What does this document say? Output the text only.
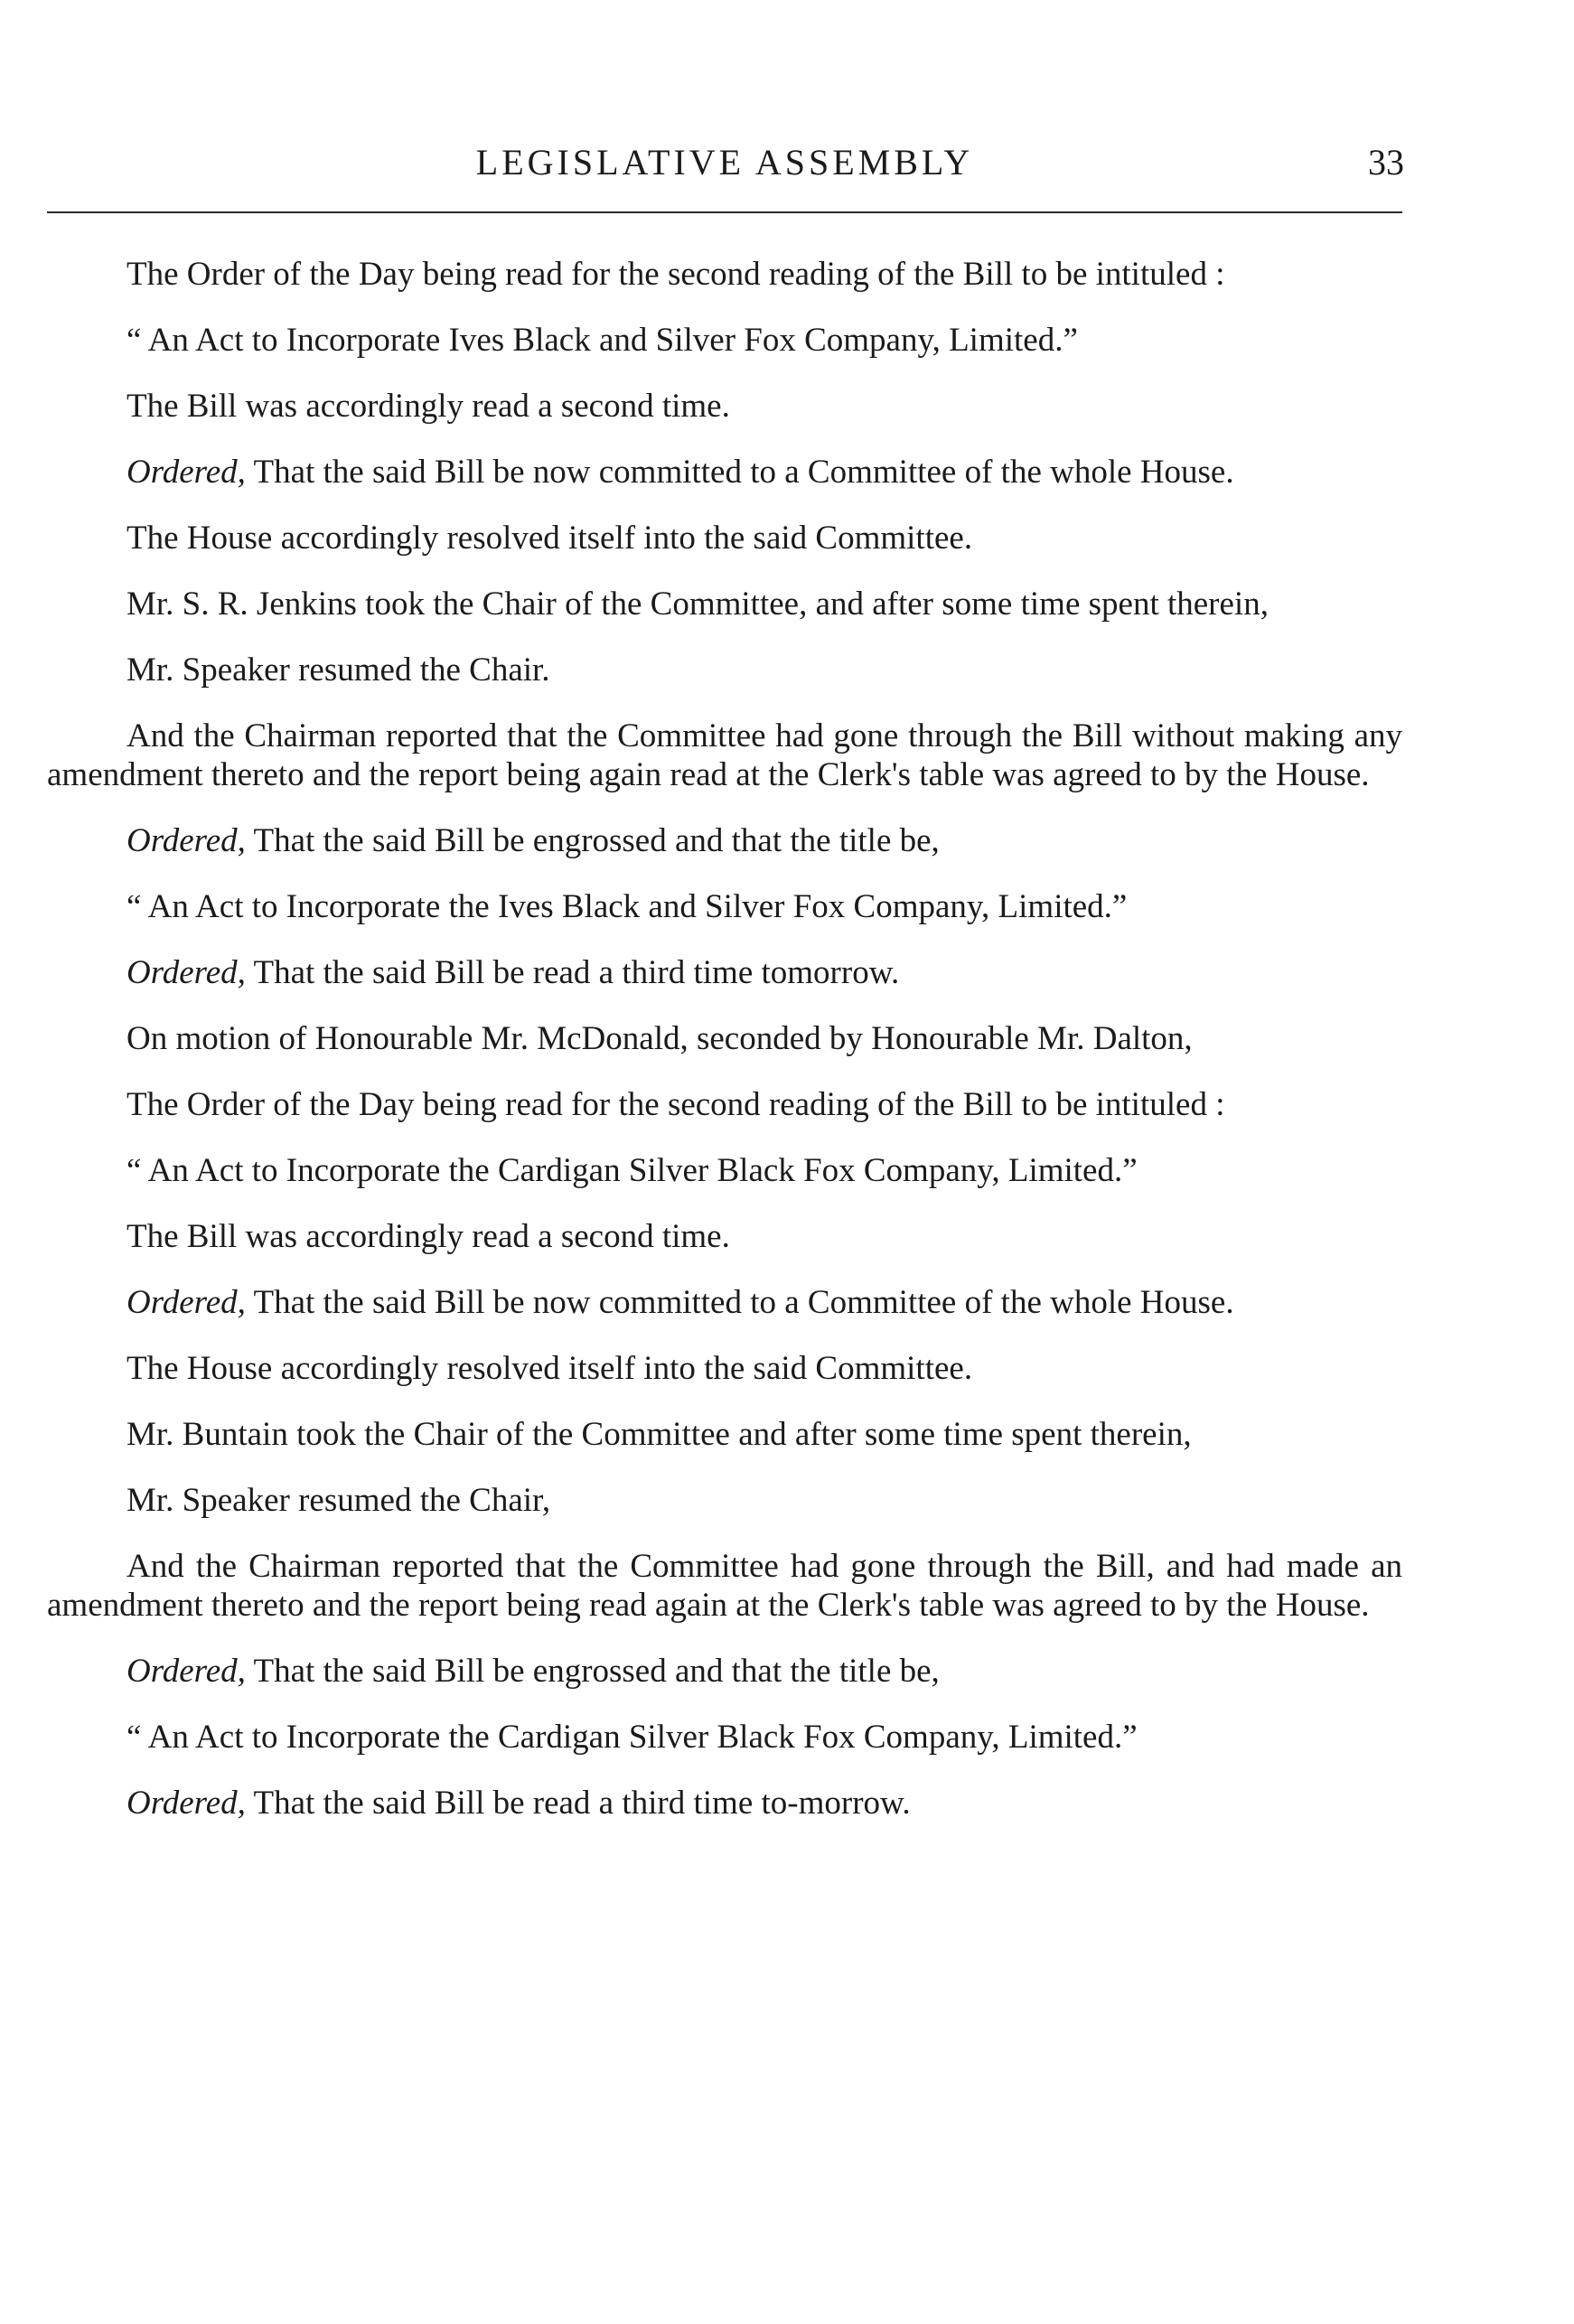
LEGISLATIVE ASSEMBLY	33

The Order of the Day being read for the second reading of the Bill to be intituled :

“ An Act to Incorporate Ives Black and Silver Fox Company, Limited.”

The Bill was accordingly read a second time.

Ordered, That the said Bill be now committed to a Committee of the whole House.

The House accordingly resolved itself into the said Committee.

Mr. S. R. Jenkins took the Chair of the Committee, and after some time spent therein,

Mr. Speaker resumed the Chair.

And the Chairman reported that the Committee had gone through the Bill without making any amendment thereto and the report being again read at the Clerk's table was agreed to by the House.

Ordered, That the said Bill be engrossed and that the title be,

“ An Act to Incorporate the Ives Black and Silver Fox Company, Limited.”

Ordered, That the said Bill be read a third time tomorrow.

On motion of Honourable Mr. McDonald, seconded by Honourable Mr. Dalton,

The Order of the Day being read for the second reading of the Bill to be intituled :

“ An Act to Incorporate the Cardigan Silver Black Fox Company, Limited.”

The Bill was accordingly read a second time.

Ordered, That the said Bill be now committed to a Committee of the whole House.

The House accordingly resolved itself into the said Committee.

Mr. Buntain took the Chair of the Committee and after some time spent therein,

Mr. Speaker resumed the Chair,

And the Chairman reported that the Committee had gone through the Bill, and had made an amendment thereto and the report being read again at the Clerk's table was agreed to by the House.

Ordered, That the said Bill be engrossed and that the title be,

“ An Act to Incorporate the Cardigan Silver Black Fox Company, Limited.”

Ordered, That the said Bill be read a third time to-morrow.
